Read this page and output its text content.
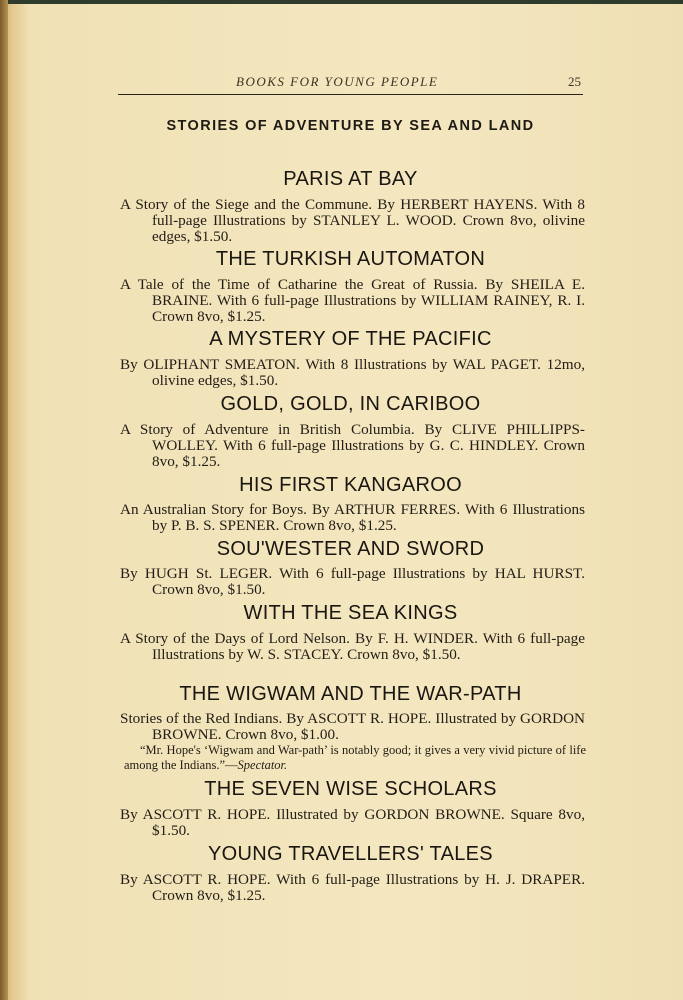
BOOKS FOR YOUNG PEOPLE	25
STORIES OF ADVENTURE BY SEA AND LAND
PARIS AT BAY

A Story of the Siege and the Commune. By HERBERT HAYENS. With 8 full-page Illustrations by STANLEY L. WOOD. Crown 8vo, olivine edges, $1.50.

THE TURKISH AUTOMATON

A Tale of the Time of Catharine the Great of Russia. By SHEILA E. BRAINE. With 6 full-page Illustrations by WILLIAM RAINEY, R. I. Crown 8vo, $1.25.

A MYSTERY OF THE PACIFIC

By OLIPHANT SMEATON. With 8 Illustrations by WAL PAGET. 12mo, olivine edges, $1.50.

GOLD, GOLD, IN CARIBOO

A Story of Adventure in British Columbia. By CLIVE PHILLIPPS-WOLLEY. With 6 full-page Illustrations by G. C. HINDLEY. Crown 8vo, $1.25.

HIS FIRST KANGAROO

An Australian Story for Boys. By ARTHUR FERRES. With 6 Illustrations by P. B. S. SPENER. Crown 8vo, $1.25.

SOU'WESTER AND SWORD

By HUGH St. LEGER. With 6 full-page Illustrations by HAL HURST. Crown 8vo, $1.50.

WITH THE SEA KINGS

A Story of the Days of Lord Nelson. By F. H. WINDER. With 6 full-page Illustrations by W. S. STACEY. Crown 8vo, $1.50.

THE WIGWAM AND THE WAR-PATH

Stories of the Red Indians. By ASCOTT R. HOPE. Illustrated by GORDON BROWNE. Crown 8vo, $1.00.

“Mr. Hope's ‘Wigwam and War-path’ is notably good; it gives a very vivid picture of life among the Indians.”—Spectator.
THE SEVEN WISE SCHOLARS

By ASCOTT R. HOPE. Illustrated by GORDON BROWNE. Square 8vo, $1.50.

YOUNG TRAVELLERS' TALES

By ASCOTT R. HOPE. With 6 full-page Illustrations by H. J. DRAPER. Crown 8vo, $1.25.
